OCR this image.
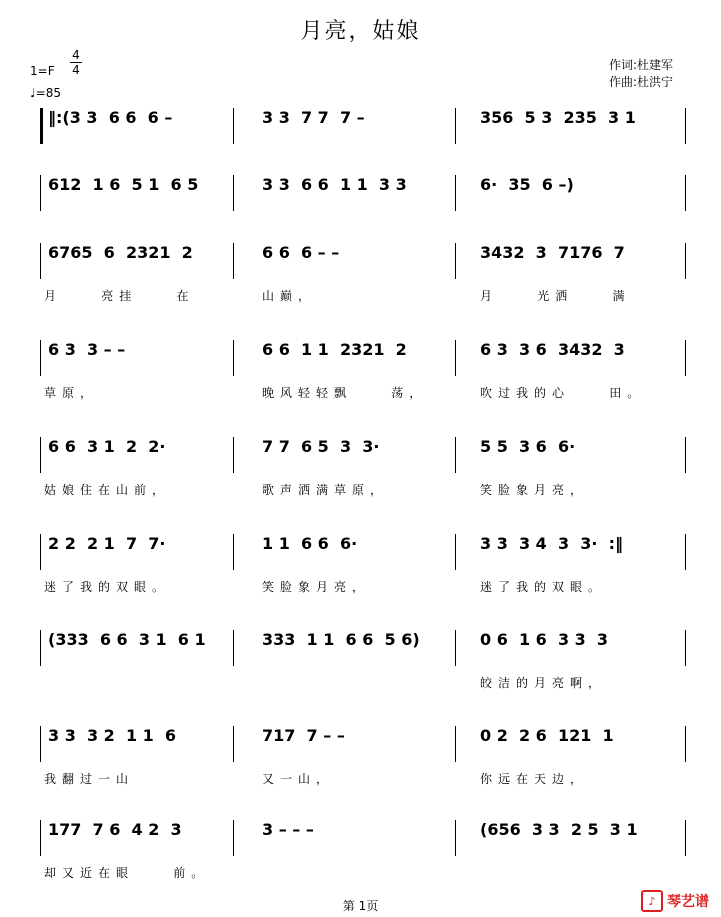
月亮，姑娘
1=F
4
4
♩=85
作词:杜建军
作曲:杜洪宁
‖:(3 3  6 6  6 –	3 3  7 7  7 –	356  5 3  235  3 1
612  1 6  5 1  6 5	3 3  6 6  1 1  3 3	6·  35  6 –)
6765  6  2321  2	6 6  6 – –	3432  3  7176  7
月    亮挂    在	山巅，	月    光洒    满
6 3  3 – –	6 6  1 1  2321  2	6 3  3 6  3432  3
草原，	晚风轻轻飘    荡，	吹过我的心    田。
6 6  3 1  2  2·	7 7  6 5  3  3·	5 5  3 6  6·
姑娘住在山前，	歌声洒满草原，	笑脸象月亮，
2 2  2 1  7  7·	1 1  6 6  6·	3 3  3 4  3  3·  :‖
迷了我的双眼。	笑脸象月亮，	迷了我的双眼。
(333  6 6  3 1  6 1	333  1 1  6 6  5 6)	0 6  1 6  3 3  3
皎洁的月亮啊，
3 3  3 2  1 1  6	717  7 – –	0 2  2 6  121  1
我翻过一山	又一山，	你远在天边，
177  7 6  4 2  3	3 – – –	(656  3 3  2 5  3 1
却又近在眼    前。
第 1页	♪ 琴艺谱
